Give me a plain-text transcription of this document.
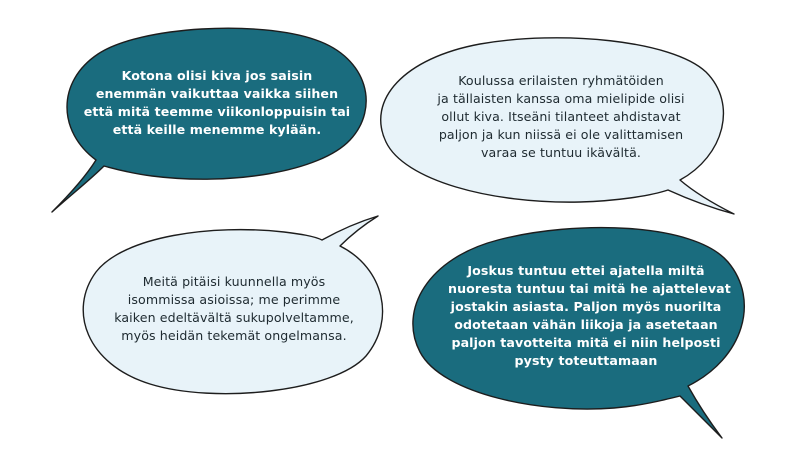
Kotona olisi kiva jos saisin
enemmän vaikuttaa vaikka siihen
että mitä teemme viikonloppuisin tai
että keille menemme kylään.
Koulussa erilaisten ryhmätöiden
ja tällaisten kanssa oma mielipide olisi
ollut kiva. Itseäni tilanteet ahdistavat
paljon ja kun niissä ei ole valittamisen
varaa se tuntuu ikävältä.
Meitä pitäisi kuunnella myös
isommissa asioissa; me perimme
kaiken edeltävältä sukupolveltamme,
myös heidän tekemät ongelmansa.
Joskus tuntuu ettei ajatella miltä
nuoresta tuntuu tai mitä he ajattelevat
jostakin asiasta. Paljon myös nuorilta
odotetaan vähän liikoja ja asetetaan
paljon tavotteita mitä ei niin helposti
pysty toteuttamaan
